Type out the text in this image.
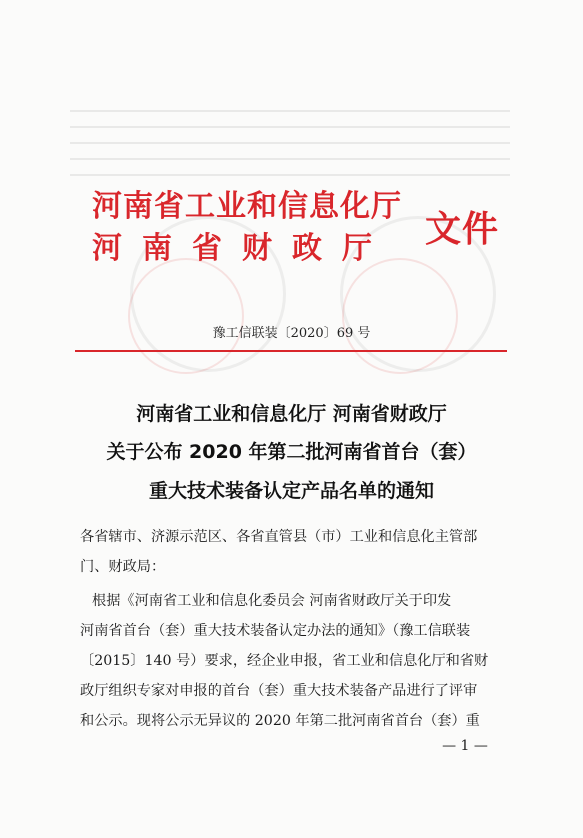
河南省工业和信息化厅
河南省财政厅 文件
豫工信联装〔2020〕69 号
河南省工业和信息化厅 河南省财政厅
关于公布 2020 年第二批河南省首台（套）
重大技术装备认定产品名单的通知
各省辖市、济源示范区、各省直管县（市）工业和信息化主管部
门、财政局：
根据《河南省工业和信息化委员会 河南省财政厅关于印发
河南省首台（套）重大技术装备认定办法的通知》（豫工信联装
〔2015〕140 号）要求，经企业申报，省工业和信息化厅和省财
政厅组织专家对申报的首台（套）重大技术装备产品进行了评审
和公示。现将公示无异议的 2020 年第二批河南省首台（套）重
— 1 —
